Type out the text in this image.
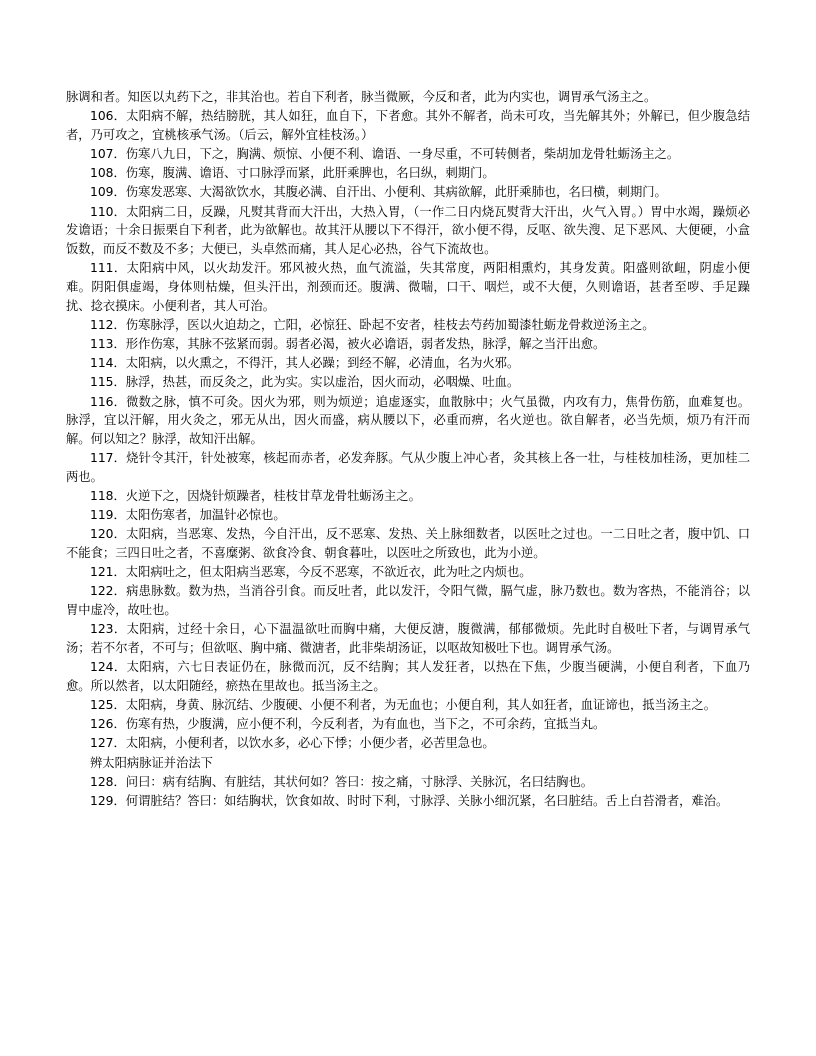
脉调和者。知医以丸药下之，非其治也。若自下利者，脉当微厥，今反和者，此为内实也，调胃承气汤主之。

106．太阳病不解，热结膀胱，其人如狂，血自下，下者愈。其外不解者，尚未可攻，当先解其外；外解已，但少腹急结者，乃可攻之，宜桃核承气汤。（后云，解外宜桂枝汤。）

107．伤寒八九日，下之，胸满、烦惊、小便不利、谵语、一身尽重，不可转侧者，柴胡加龙骨牡蛎汤主之。

108．伤寒，腹满、谵语、寸口脉浮而紧，此肝乘脾也，名曰纵，刺期门。

109．伤寒发恶寒、大渴欲饮水，其腹必满、自汗出、小便利、其病欲解，此肝乘肺也，名曰横，刺期门。

110．太阳病二日，反躁，凡熨其背而大汗出，大热入胃，（一作二日内烧瓦熨背大汗出，火气入胃。）胃中水竭，躁烦必发谵语；十余日振栗自下利者，此为欲解也。故其汗从腰以下不得汗，欲小便不得，反呕、欲失溲、足下恶风、大便硬，小盒饭数，而反不数及不多；大便已，头卓然而痛，其人足心必热，谷气下流故也。

111．太阳病中风，以火劫发汗。邪风被火热，血气流溢，失其常度，两阳相熏灼，其身发黄。阳盛则欲衄，阴虚小便难。阴阳俱虚竭，身体则枯燥，但头汗出，剂颈而还。腹满、微喘，口干、咽烂，或不大便，久则谵语，甚者至哕、手足躁扰、捻衣摸床。小便利者，其人可治。

112．伤寒脉浮，医以火迫劫之，亡阳，必惊狂、卧起不安者，桂枝去芍药加蜀漆牡蛎龙骨救逆汤主之。

113．形作伤寒，其脉不弦紧而弱。弱者必渴，被火必谵语，弱者发热，脉浮，解之当汗出愈。

114．太阳病，以火熏之，不得汗，其人必躁；到经不解，必清血，名为火邪。

115．脉浮，热甚，而反灸之，此为实。实以虚治，因火而动，必咽燥、吐血。

116．微数之脉，慎不可灸。因火为邪，则为烦逆；追虚逐实，血散脉中；火气虽微，内攻有力，焦骨伤筋，血难复也。脉浮，宜以汗解，用火灸之，邪无从出，因火而盛，病从腰以下，必重而痹，名火逆也。欲自解者，必当先烦，烦乃有汗而解。何以知之？脉浮，故知汗出解。

117．烧针令其汗，针处被寒，核起而赤者，必发奔豚。气从少腹上冲心者，灸其核上各一壮，与桂枝加桂汤，更加桂二两也。

118．火逆下之，因烧针烦躁者，桂枝甘草龙骨牡蛎汤主之。

119．太阳伤寒者，加温针必惊也。

120．太阳病，当恶寒、发热，今自汗出，反不恶寒、发热、关上脉细数者，以医吐之过也。一二日吐之者，腹中饥、口不能食；三四日吐之者，不喜糜粥、欲食冷食、朝食暮吐，以医吐之所致也，此为小逆。

121．太阳病吐之，但太阳病当恶寒，今反不恶寒，不欲近衣，此为吐之内烦也。

122．病患脉数。数为热，当消谷引食。而反吐者，此以发汗，令阳气微，膈气虚，脉乃数也。数为客热，不能消谷；以胃中虚冷，故吐也。

123．太阳病，过经十余日，心下温温欲吐而胸中痛，大便反溏，腹微满，郁郁微烦。先此时自极吐下者，与调胃承气汤；若不尔者，不可与；但欲呕、胸中痛、微溏者，此非柴胡汤证，以呕故知极吐下也。调胃承气汤。

124．太阳病，六七日表证仍在，脉微而沉，反不结胸；其人发狂者，以热在下焦，少腹当硬满，小便自利者，下血乃愈。所以然者，以太阳随经，瘀热在里故也。抵当汤主之。

125．太阳病，身黄、脉沉结、少腹硬、小便不利者，为无血也；小便自利，其人如狂者，血证谛也，抵当汤主之。

126．伤寒有热，少腹满，应小便不利，今反利者，为有血也，当下之，不可余药，宜抵当丸。

127．太阳病，小便利者，以饮水多，必心下悸；小便少者，必苦里急也。

辨太阳病脉证并治法下

128．问曰：病有结胸、有脏结，其状何如？答曰：按之痛，寸脉浮、关脉沉，名曰结胸也。

129．何谓脏结？答曰：如结胸状，饮食如故、时时下利，寸脉浮、关脉小细沉紧，名曰脏结。舌上白苔滑者，难治。
